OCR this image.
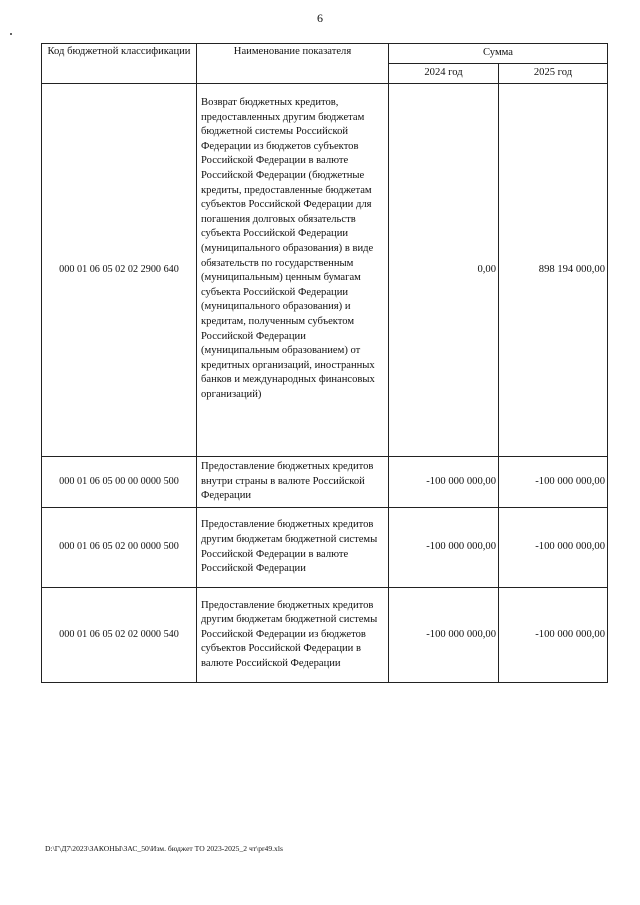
6
Код бюджетной классификации	Наименование показателя	Сумма	
		2024 год	2025 год
000 01 06 05 02 02 2900 640	Возврат бюджетных кредитов, предоставленных другим бюджетам бюджетной системы Российской Федерации из бюджетов субъектов Российской Федерации в валюте Российской Федерации (бюджетные кредиты, предоставленные бюджетам субъектов Российской Федерации для погашения долговых обязательств субъекта Российской Федерации (муниципального образования) в виде обязательств по государственным (муниципальным) ценным бумагам субъекта Российской Федерации (муниципального образования) и кредитам, полученным субъектом Российской Федерации (муниципальным образованием) от кредитных организаций, иностранных банков и международных финансовых организаций)	0,00	898 194 000,00
000 01 06 05 00 00 0000 500	Предоставление бюджетных кредитов внутри страны в валюте Российской Федерации	-100 000 000,00	-100 000 000,00
000 01 06 05 02 00 0000 500	Предоставление бюджетных кредитов другим бюджетам бюджетной системы Российской Федерации в валюте Российской Федерации	-100 000 000,00	-100 000 000,00
000 01 06 05 02 02 0000 540	Предоставление бюджетных кредитов другим бюджетам бюджетной системы Российской Федерации из бюджетов субъектов Российской Федерации в валюте Российской Федерации	-100 000 000,00	-100 000 000,00
D:\Г\Д7\2023\ЗАКОНЫ\ЗАС_50\Изм. бюджет ТО 2023-2025_2 чт\pr49.xls
